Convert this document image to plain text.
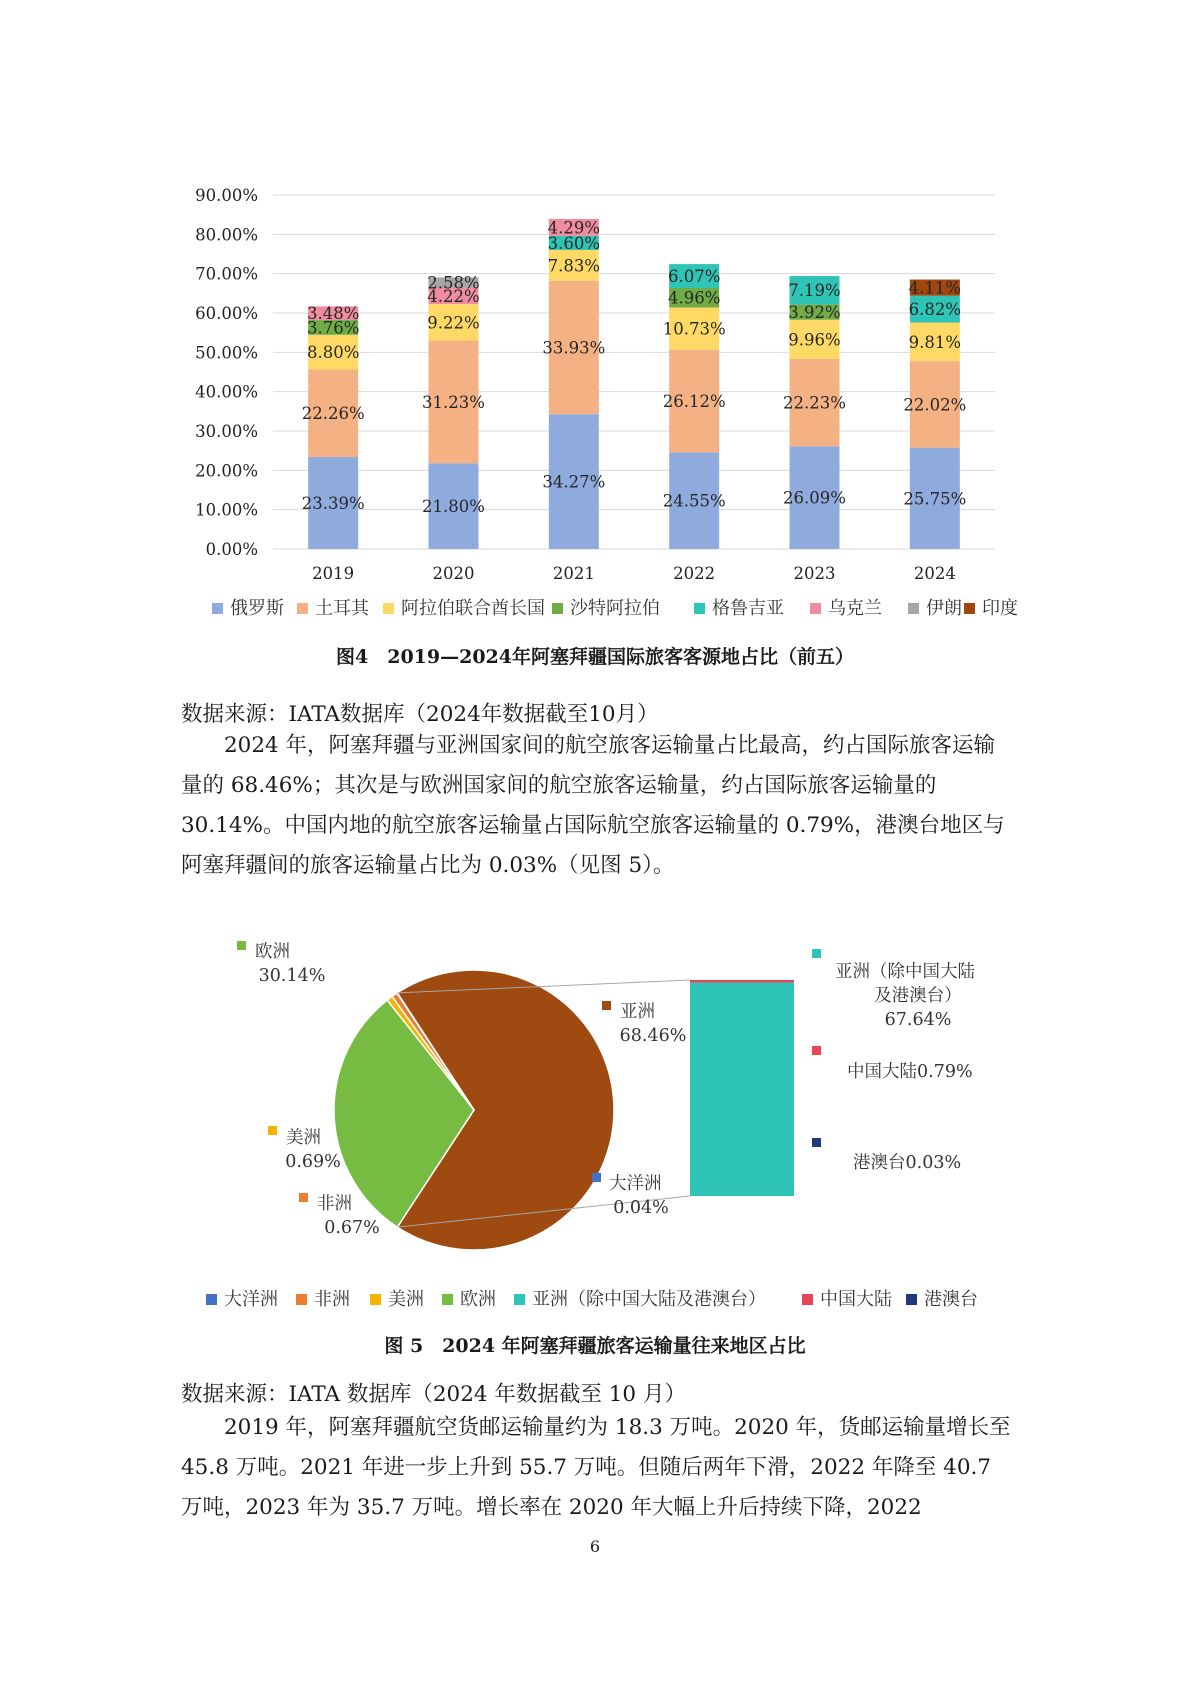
0.00%
10.00%
20.00%
30.00%
40.00%
50.00%
60.00%
70.00%
80.00%
90.00%
23.39%
22.26%
8.80%
3.76%
3.48%
21.80%
31.23%
9.22%
4.22%
2.58%
34.27%
33.93%
7.83%
3.60%
4.29%
24.55%
26.12%
10.73%
4.96%
6.07%
26.09%
22.23%
9.96%
3.92%
7.19%
25.75%
22.02%
9.81%
6.82%
4.11%
2019	2020	2021	2022	2023	2024
俄罗斯 土耳其 阿拉伯联合酋长国 沙特阿拉伯	格鲁吉亚 乌克兰 伊朗 印度
图4　2019—2024年阿塞拜疆国际旅客客源地占比（前五）
数据来源：IATA数据库（2024年数据截至10月）

2024 年，阿塞拜疆与亚洲国家间的航空旅客运输量占比最高，约占国际旅客运输量的 68.46%；其次是与欧洲国家间的航空旅客运输量，约占国际旅客运输量的 30.14%。中国内地的航空旅客运输量占国际航空旅客运输量的 0.79%，港澳台地区与阿塞拜疆间的旅客运输量占比为 0.03%（见图 5）。

亚洲
68.46%
欧洲
30.14%
美洲
0.69%
非洲
0.67%
大洋洲
0.04%
亚洲（除中国大陆
及港澳台）
67.64%
中国大陆0.79%
港澳台0.03%
大洋洲 非洲 美洲 欧洲 亚洲（除中国大陆及港澳台）	中国大陆 港澳台
图 5　2024 年阿塞拜疆旅客运输量往来地区占比
数据来源：IATA 数据库（2024 年数据截至 10 月）

2019 年，阿塞拜疆航空货邮运输量约为 18.3 万吨。2020 年，货邮运输量增长至 45.8 万吨。2021 年进一步上升到 55.7 万吨。但随后两年下滑，2022 年降至 40.7 万吨，2023 年为 35.7 万吨。增长率在 2020 年大幅上升后持续下降，2022

6
